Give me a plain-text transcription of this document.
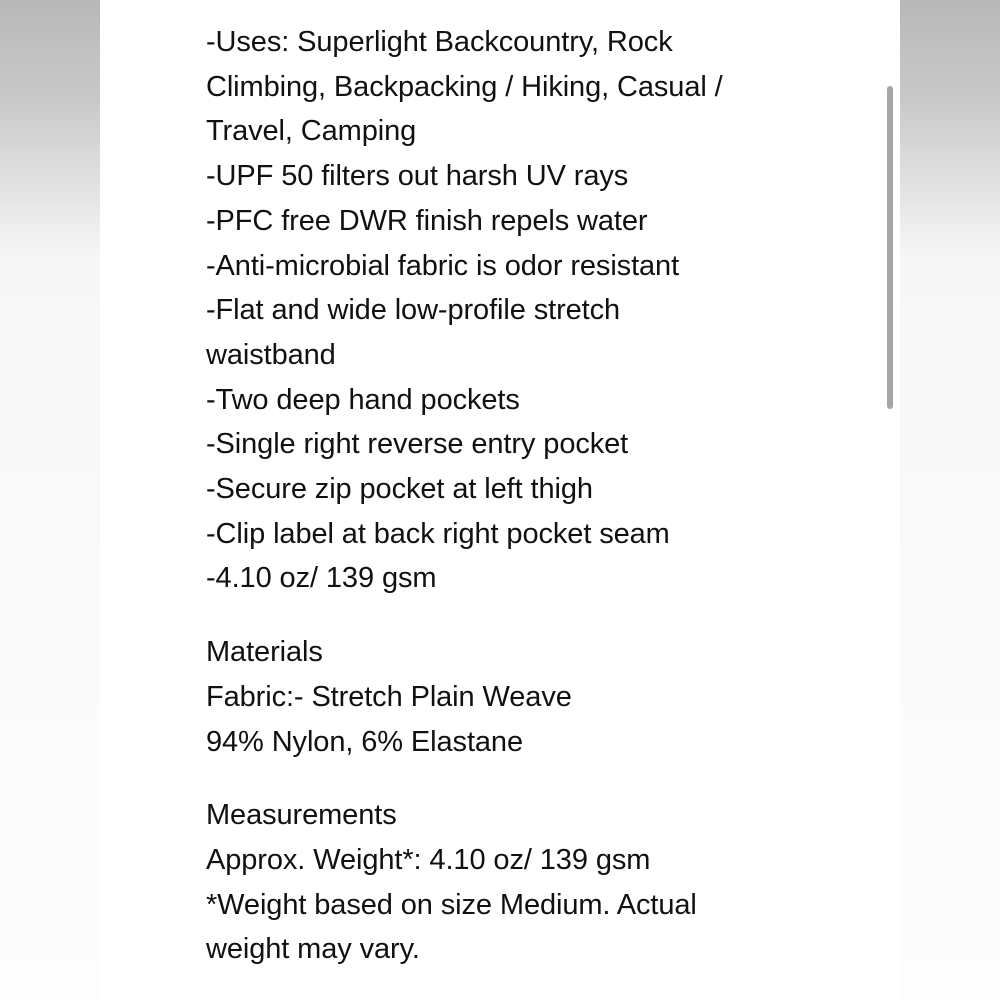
-Uses: Superlight Backcountry, Rock
Climbing, Backpacking / Hiking, Casual /
Travel, Camping
-UPF 50 filters out harsh UV rays
-PFC free DWR finish repels water
-Anti-microbial fabric is odor resistant
-Flat and wide low-profile stretch
waistband
-Two deep hand pockets
-Single right reverse entry pocket
-Secure zip pocket at left thigh
-Clip label at back right pocket seam
-4.10 oz/ 139 gsm
Materials
Fabric:- Stretch Plain Weave
94% Nylon, 6% Elastane
Measurements
Approx. Weight*: 4.10 oz/ 139 gsm
*Weight based on size Medium. Actual
weight may vary.
